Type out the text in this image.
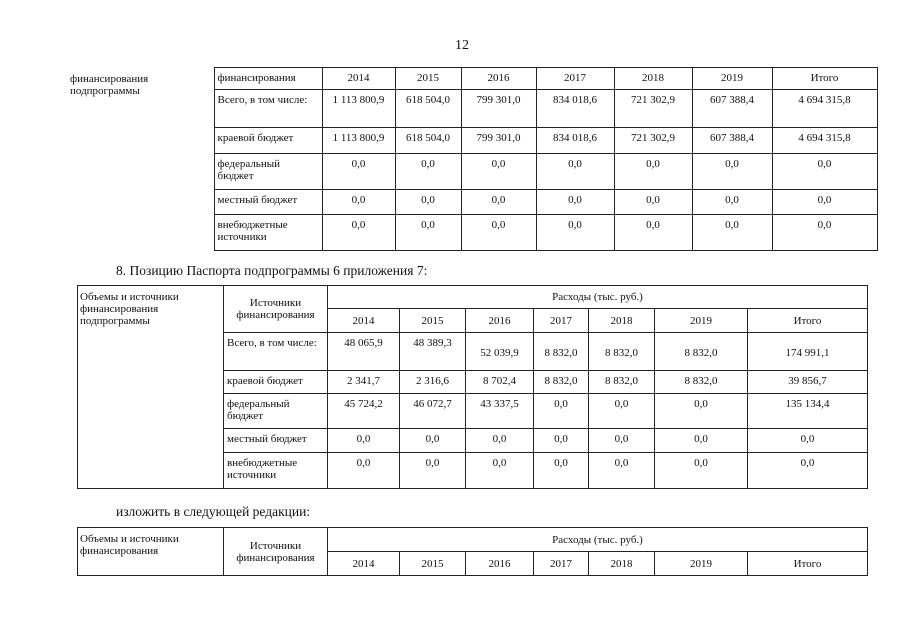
12
финансирования подпрограммы	финансирования	2014	2015	2016	2017	2018	2019	Итого
	Всего, в том числе:	1 113 800,9	618 504,0	799 301,0	834 018,6	721 302,9	607 388,4	4 694 315,8
	краевой бюджет	1 113 800,9	618 504,0	799 301,0	834 018,6	721 302,9	607 388,4	4 694 315,8
	федеральный бюджет	0,0	0,0	0,0	0,0	0,0	0,0	0,0
	местный бюджет	0,0	0,0	0,0	0,0	0,0	0,0	0,0
	внебюджетные источники	0,0	0,0	0,0	0,0	0,0	0,0	0,0
8. Позицию Паспорта подпрограммы 6 приложения 7:
Объемы и источники финансирования подпрограммы	Источники финансирования	Расходы (тыс. руб.)						
		2014	2015	2016	2017	2018	2019	Итого
	Всего, в том числе:	48 065,9	48 389,3	52 039,9	8 832,0	8 832,0	8 832,0	174 991,1
	краевой бюджет	2 341,7	2 316,6	8 702,4	8 832,0	8 832,0	8 832,0	39 856,7
	федеральный бюджет	45 724,2	46 072,7	43 337,5	0,0	0,0	0,0	135 134,4
	местный бюджет	0,0	0,0	0,0	0,0	0,0	0,0	0,0
	внебюджетные источники	0,0	0,0	0,0	0,0	0,0	0,0	0,0
изложить в следующей редакции:
Объемы и источники финансирования	Источники финансирования	Расходы (тыс. руб.)						
		2014	2015	2016	2017	2018	2019	Итого
